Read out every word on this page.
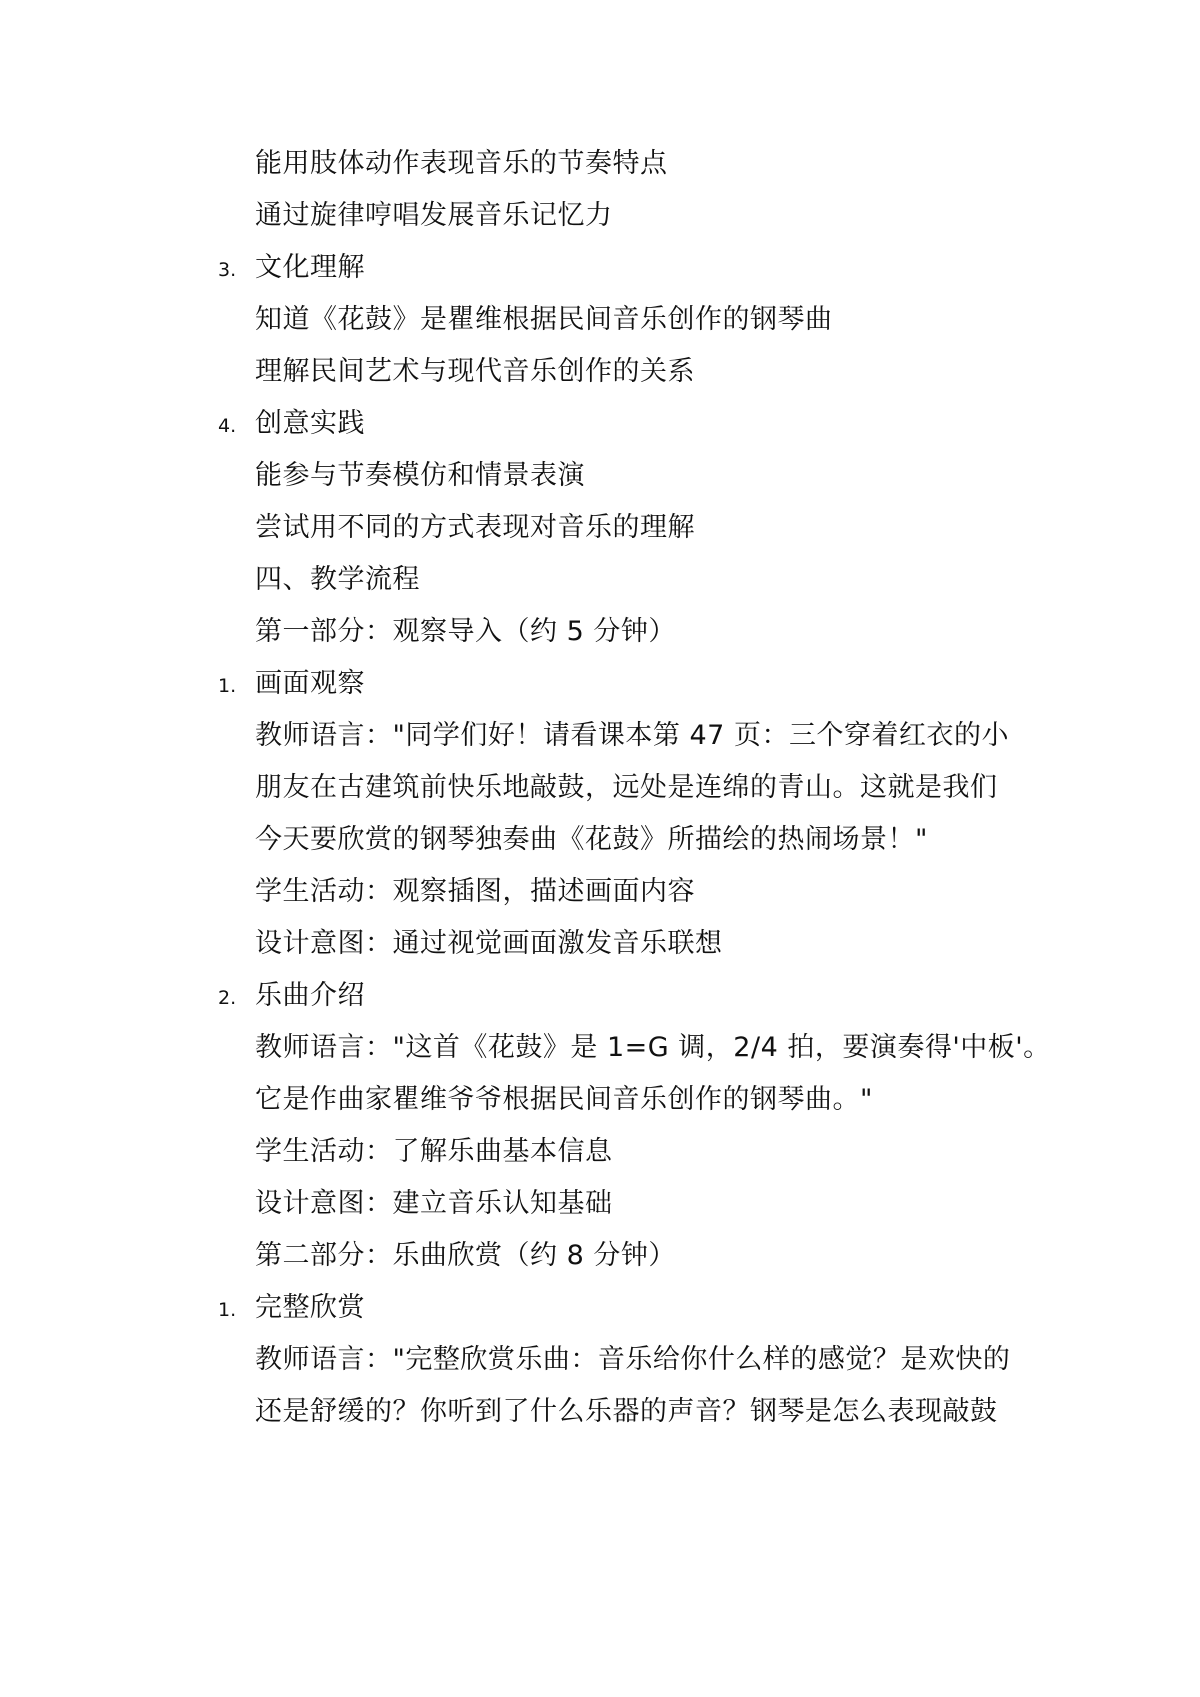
能用肢体动作表现音乐的节奏特点
通过旋律哼唱发展音乐记忆力
3. 文化理解
知道《花鼓》是瞿维根据民间音乐创作的钢琴曲
理解民间艺术与现代音乐创作的关系
4. 创意实践
能参与节奏模仿和情景表演
尝试用不同的方式表现对音乐的理解
四、教学流程
第一部分：观察导入（约 5 分钟）
1. 画面观察
教师语言："同学们好！请看课本第 47 页：三个穿着红衣的小
朋友在古建筑前快乐地敲鼓，远处是连绵的青山。这就是我们
今天要欣赏的钢琴独奏曲《花鼓》所描绘的热闹场景！"
学生活动：观察插图，描述画面内容
设计意图：通过视觉画面激发音乐联想
2. 乐曲介绍
教师语言："这首《花鼓》是 1=G 调，2/4 拍，要演奏得'中板'。
它是作曲家瞿维爷爷根据民间音乐创作的钢琴曲。"
学生活动：了解乐曲基本信息
设计意图：建立音乐认知基础
第二部分：乐曲欣赏（约 8 分钟）
1. 完整欣赏
教师语言："完整欣赏乐曲：音乐给你什么样的感觉？是欢快的
还是舒缓的？你听到了什么乐器的声音？钢琴是怎么表现敲鼓
